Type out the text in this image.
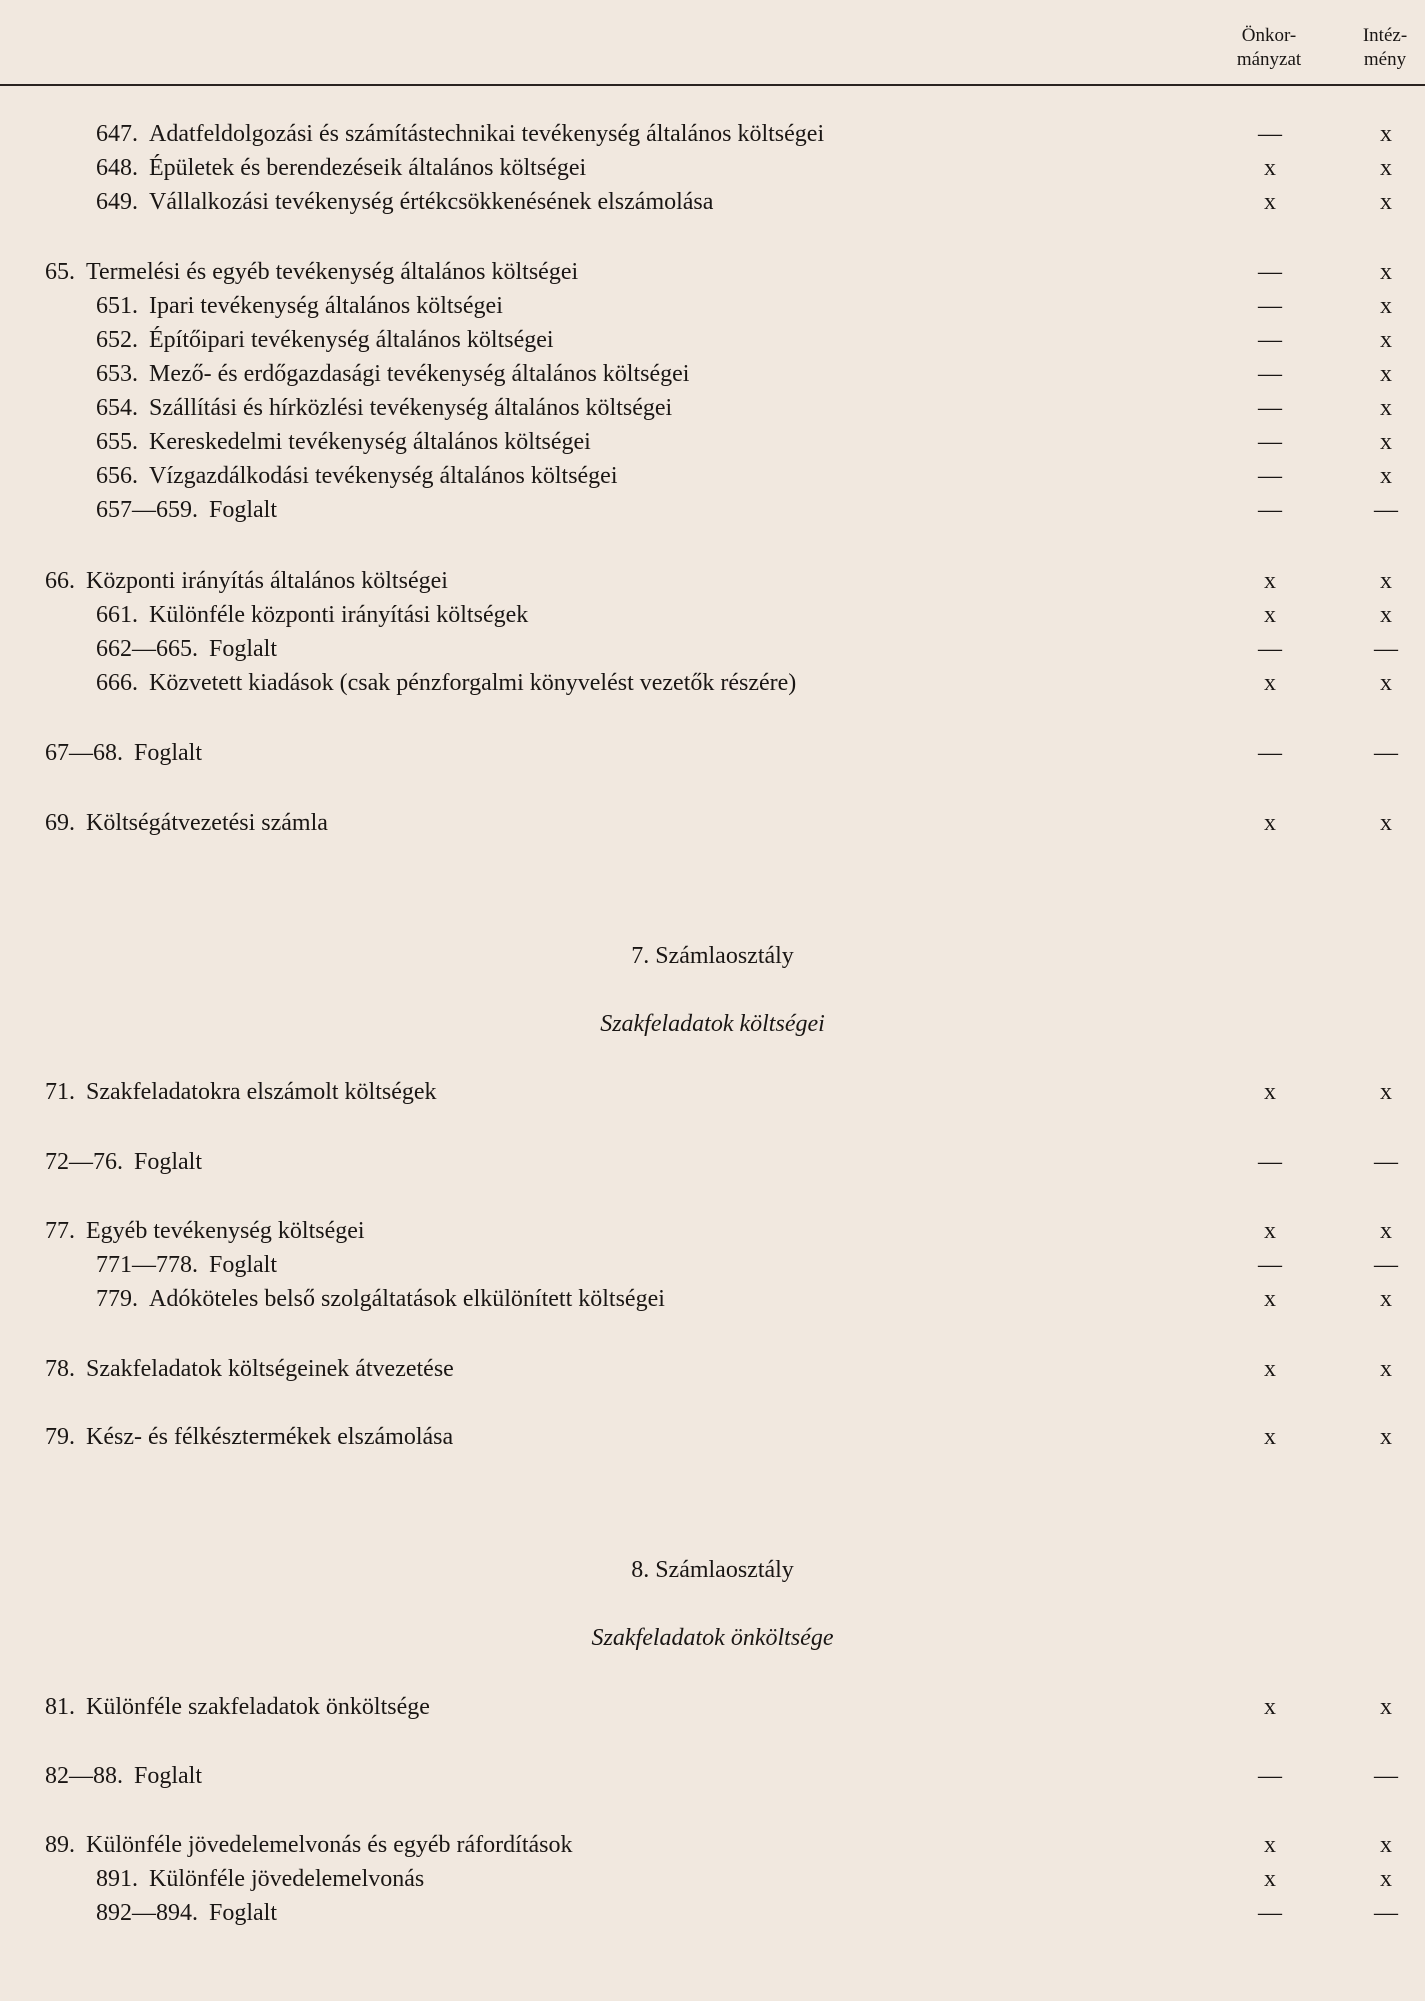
Önkor-
mányzat
Intéz-
mény
7. Számlaosztály
Szakfeladatok költségei
8. Számlaosztály
Szakfeladatok önköltsége
647. Adatfeldolgozási és számítástechnikai tevékenység általános költségei	—	x
648. Épületek és berendezéseik általános költségei	x	x
649. Vállalkozási tevékenység értékcsökkenésének elszámolása	x	x
65. Termelési és egyéb tevékenység általános költségei	—	x
651. Ipari tevékenység általános költségei	—	x
652. Építőipari tevékenység általános költségei	—	x
653. Mező- és erdőgazdasági tevékenység általános költségei	—	x
654. Szállítási és hírközlési tevékenység általános költségei	—	x
655. Kereskedelmi tevékenység általános költségei	—	x
656. Vízgazdálkodási tevékenység általános költségei	—	x
657—659. Foglalt	—	—
66. Központi irányítás általános költségei	x	x
661. Különféle központi irányítási költségek	x	x
662—665. Foglalt	—	—
666. Közvetett kiadások (csak pénzforgalmi könyvelést vezetők részére)	x	x
67—68. Foglalt	—	—
69. Költségátvezetési számla	x	x
71. Szakfeladatokra elszámolt költségek	x	x
72—76. Foglalt	—	—
77. Egyéb tevékenység költségei	x	x
771—778. Foglalt	—	—
779. Adóköteles belső szolgáltatások elkülönített költségei	x	x
78. Szakfeladatok költségeinek átvezetése	x	x
79. Kész- és félkésztermékek elszámolása	x	x
81. Különféle szakfeladatok önköltsége	x	x
82—88. Foglalt	—	—
89. Különféle jövedelemelvonás és egyéb ráfordítások	x	x
891. Különféle jövedelemelvonás	x	x
892—894. Foglalt	—	—
